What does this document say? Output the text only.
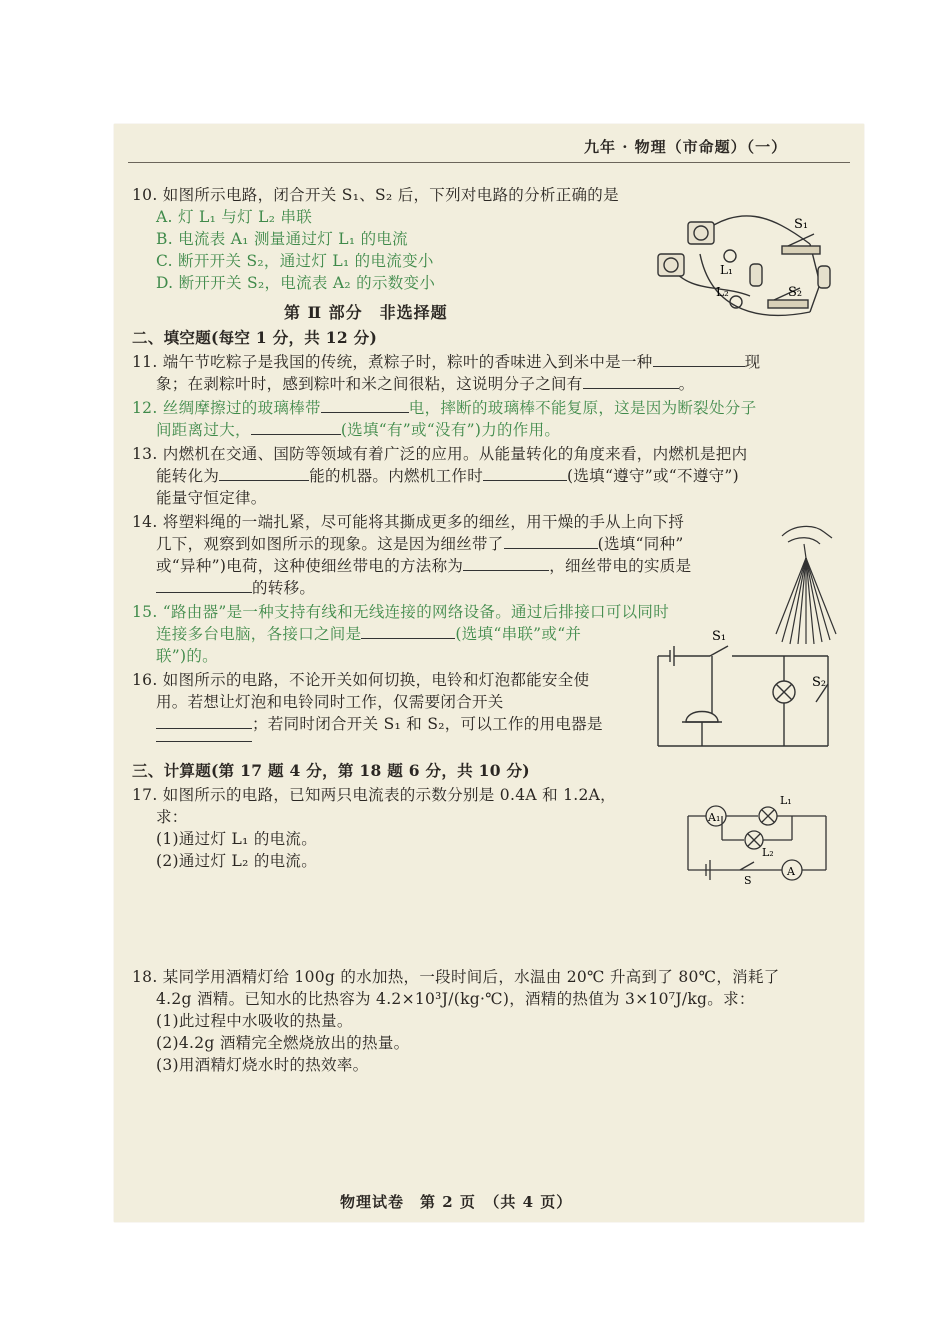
九年 · 物理（市命题）（一）
10. 如图所示电路，闭合开关 S₁、S₂ 后，下列对电路的分析正确的是
A. 灯 L₁ 与灯 L₂ 串联
B. 电流表 A₁ 测量通过灯 L₁ 的电流
C. 断开开关 S₂，通过灯 L₁ 的电流变小
D. 断开开关 S₂，电流表 A₂ 的示数变小
S₁
S₂
L₁
L₂
第 Ⅱ 部分　非选择题
二、填空题(每空 1 分，共 12 分)
11. 端午节吃粽子是我国的传统，煮粽子时，粽叶的香味进入到米中是一种	现
象；在剥粽叶时，感到粽叶和米之间很粘，这说明分子之间有	。
12. 丝绸摩擦过的玻璃棒带	电，摔断的玻璃棒不能复原，这是因为断裂处分子
间距离过大，	(选填“有”或“没有”)力的作用。
13. 内燃机在交通、国防等领域有着广泛的应用。从能量转化的角度来看，内燃机是把内
能转化为	能的机器。内燃机工作时	(选填“遵守”或“不遵守”)
能量守恒定律。
14. 将塑料绳的一端扎紧，尽可能将其撕成更多的细丝，用干燥的手从上向下捋
几下，观察到如图所示的现象。这是因为细丝带了	(选填“同种”
或“异种”)电荷，这种使细丝带电的方法称为	，细丝带电的实质是
的转移。
15. “路由器”是一种支持有线和无线连接的网络设备。通过后排接口可以同时
连接多台电脑，各接口之间是	(选填“串联”或“并
联”)的。
16. 如图所示的电路，不论开关如何切换，电铃和灯泡都能安全使
用。若想让灯泡和电铃同时工作，仅需要闭合开关
；若同时闭合开关 S₁ 和 S₂，可以工作的用电器是
S₁
S₂
三、计算题(第 17 题 4 分，第 18 题 6 分，共 10 分)
17. 如图所示的电路，已知两只电流表的示数分别是 0.4A 和 1.2A，
求：
(1)通过灯 L₁ 的电流。
(2)通过灯 L₂ 的电流。
A₁
L₁
L₂
S
A
18. 某同学用酒精灯给 100g 的水加热，一段时间后，水温由 20℃ 升高到了 80℃，消耗了
4.2g 酒精。已知水的比热容为 4.2×10³J/(kg·℃)，酒精的热值为 3×10⁷J/kg。求：
(1)此过程中水吸收的热量。
(2)4.2g 酒精完全燃烧放出的热量。
(3)用酒精灯烧水时的热效率。
物理试卷　第 2 页　（共 4 页）
